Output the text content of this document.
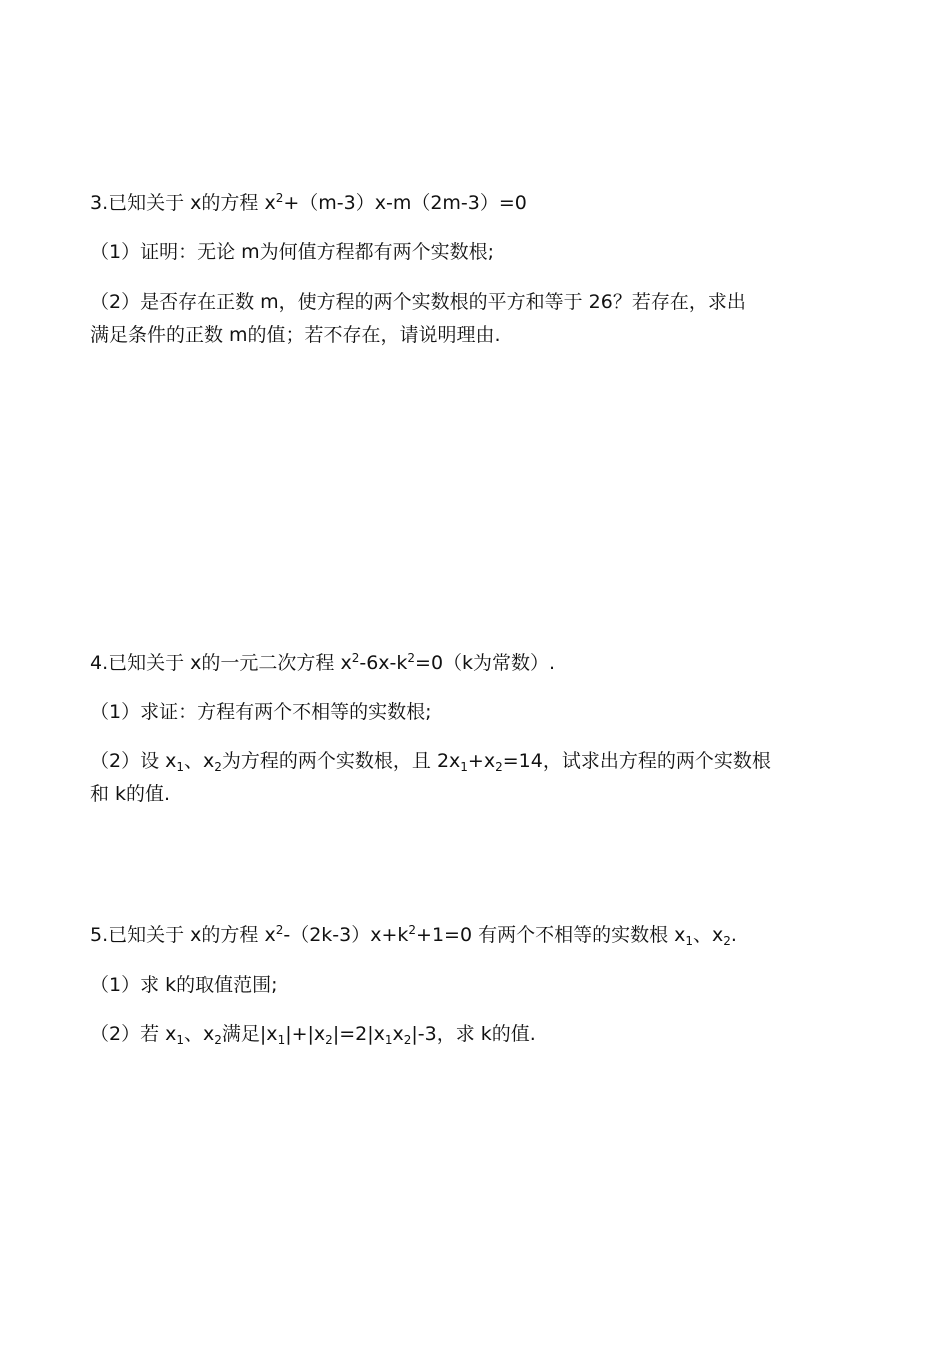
3.已知关于 x的方程 $x^2+(m-3)x-m(2m-3)=0$
（1）证明：无论 m为何值方程都有两个实数根;
（2）是否存在正数 m，使方程的两个实数根的平方和等于 26？若存在，求出
满足条件的正数 m的值；若不存在，请说明理由.
4.已知关于 x的一元二次方程 $x^2-6x-k^2=0(k$为常数）.
（1）求证：方程有两个不相等的实数根;
（2）设 $x_1$、$x_2$为方程的两个实数根，且 $2x_1+x_2=14$，试求出方程的两个实数根
和 k的值.
5.已知关于 x的方程 $x^2-(2k-3)x+k^2+1=0$ 有两个不相等的实数根 $x_1$、$x_2$.
（1）求 k的取值范围;
（2）若 $x_1$、$x_2$满足$|x_1|+|x_2|=2|x_1x_2|-3$，求 k的值.
